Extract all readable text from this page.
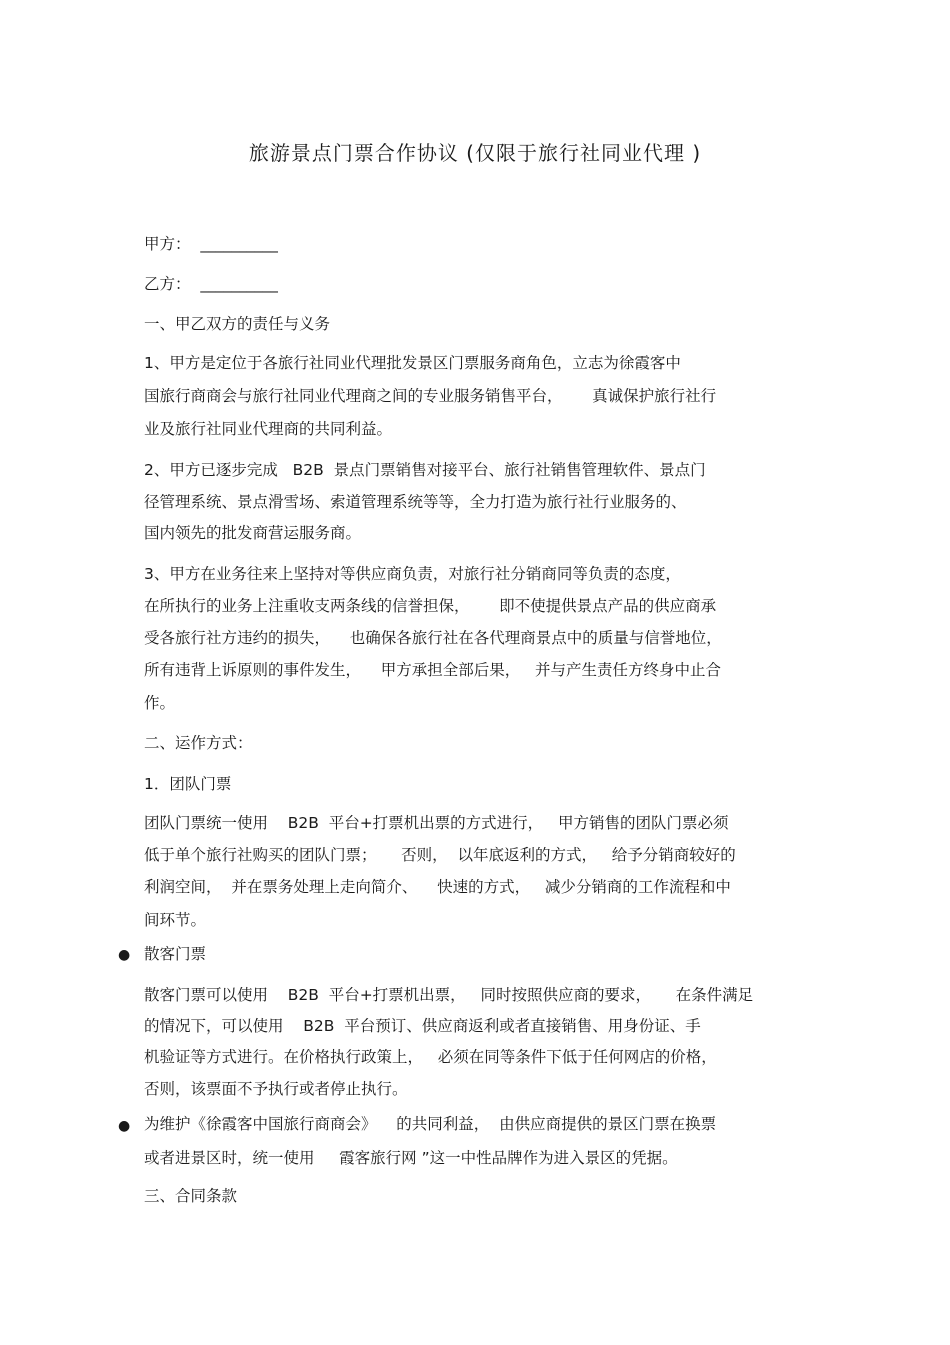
旅游景点门票合作协议 (仅限于旅行社同业代理 )
甲方：  __________
乙方：  __________
一、甲乙双方的责任与义务
1、甲方是定位于各旅行社同业代理批发景区门票服务商角色，立志为徐霞客中
国旅行商商会与旅行社同业代理商之间的专业服务销售平台，      真诚保护旅行社行
业及旅行社同业代理商的共同利益。
2、甲方已逐步完成   B2B  景点门票销售对接平台、旅行社销售管理软件、景点门
径管理系统、景点滑雪场、索道管理系统等等，全力打造为旅行社行业服务的、
国内领先的批发商营运服务商。
3、甲方在业务往来上坚持对等供应商负责，对旅行社分销商同等负责的态度，
在所执行的业务上注重收支两条线的信誉担保，      即不使提供景点产品的供应商承
受各旅行社方违约的损失，    也确保各旅行社在各代理商景点中的质量与信誉地位，
所有违背上诉原则的事件发生，    甲方承担全部后果，   并与产生责任方终身中止合
作。
二、运作方式：
1．团队门票
团队门票统一使用    B2B  平台+打票机出票的方式进行，   甲方销售的团队门票必须
低于单个旅行社购买的团队门票；     否则，  以年底返利的方式，   给予分销商较好的
利润空间，  并在票务处理上走向简介、    快速的方式，   减少分销商的工作流程和中
间环节。
● 散客门票
散客门票可以使用    B2B  平台+打票机出票，   同时按照供应商的要求，     在条件满足
的情况下，可以使用    B2B  平台预订、供应商返利或者直接销售、用身份证、手
机验证等方式进行。在价格执行政策上，   必须在同等条件下低于任何网店的价格，
否则，该票面不予执行或者停止执行。
● 为维护《徐霞客中国旅行商商会》    的共同利益，  由供应商提供的景区门票在换票
或者进景区时，统一使用     霞客旅行网 ”这一中性品牌作为进入景区的凭据。
三、合同条款
